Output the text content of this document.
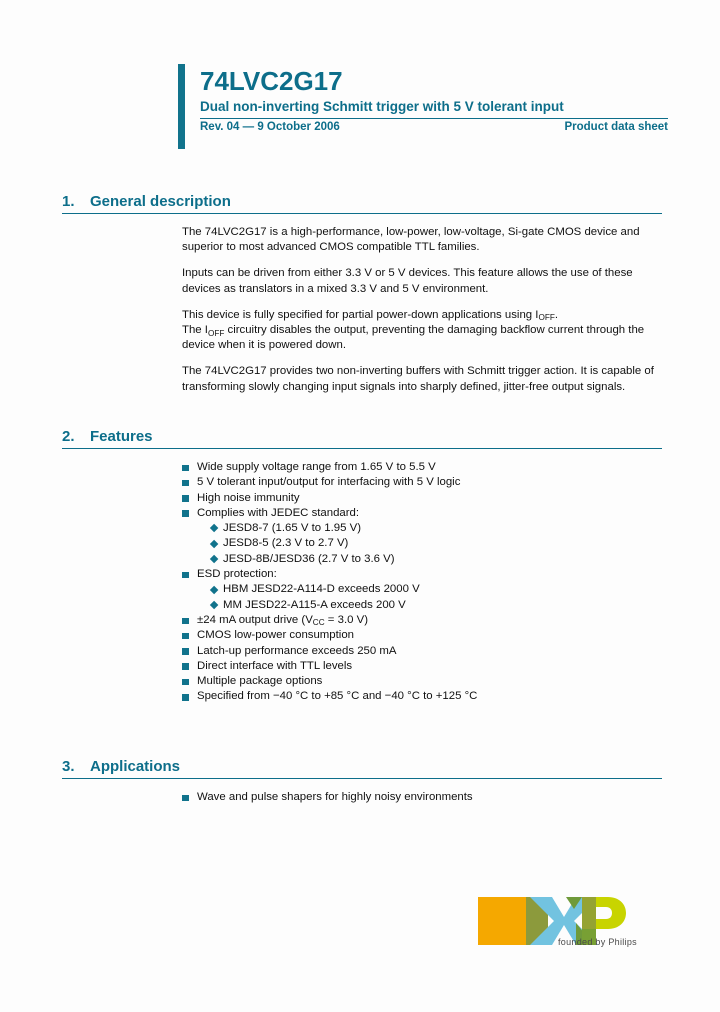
74LVC2G17
Dual non-inverting Schmitt trigger with 5 V tolerant input
Rev. 04 — 9 October 2006	Product data sheet
1.	General description

The 74LVC2G17 is a high-performance, low-power, low-voltage, Si-gate CMOS device and superior to most advanced CMOS compatible TTL families.

Inputs can be driven from either 3.3 V or 5 V devices. This feature allows the use of these devices as translators in a mixed 3.3 V and 5 V environment.

This device is fully specified for partial power-down applications using $I_{OFF}$.
The $I_{OFF}$ circuitry disables the output, preventing the damaging backflow current through the device when it is powered down.

The 74LVC2G17 provides two non-inverting buffers with Schmitt trigger action. It is capable of transforming slowly changing input signals into sharply defined, jitter-free output signals.

2.	Features
Wide supply voltage range from 1.65 V to 5.5 V
5 V tolerant input/output for interfacing with 5 V logic
High noise immunity
Complies with JEDEC standard:
JESD8-7 (1.65 V to 1.95 V)
JESD8-5 (2.3 V to 2.7 V)
JESD-8B/JESD36 (2.7 V to 3.6 V)
ESD protection:
HBM JESD22-A114-D exceeds 2000 V
MM JESD22-A115-A exceeds 200 V
±24 mA output drive ($V_{CC} = 3.0$ V)
CMOS low-power consumption
Latch-up performance exceeds 250 mA
Direct interface with TTL levels
Multiple package options
Specified from −40 °C to +85 °C and −40 °C to +125 °C
3.	Applications
Wave and pulse shapers for highly noisy environments
founded by Philips
